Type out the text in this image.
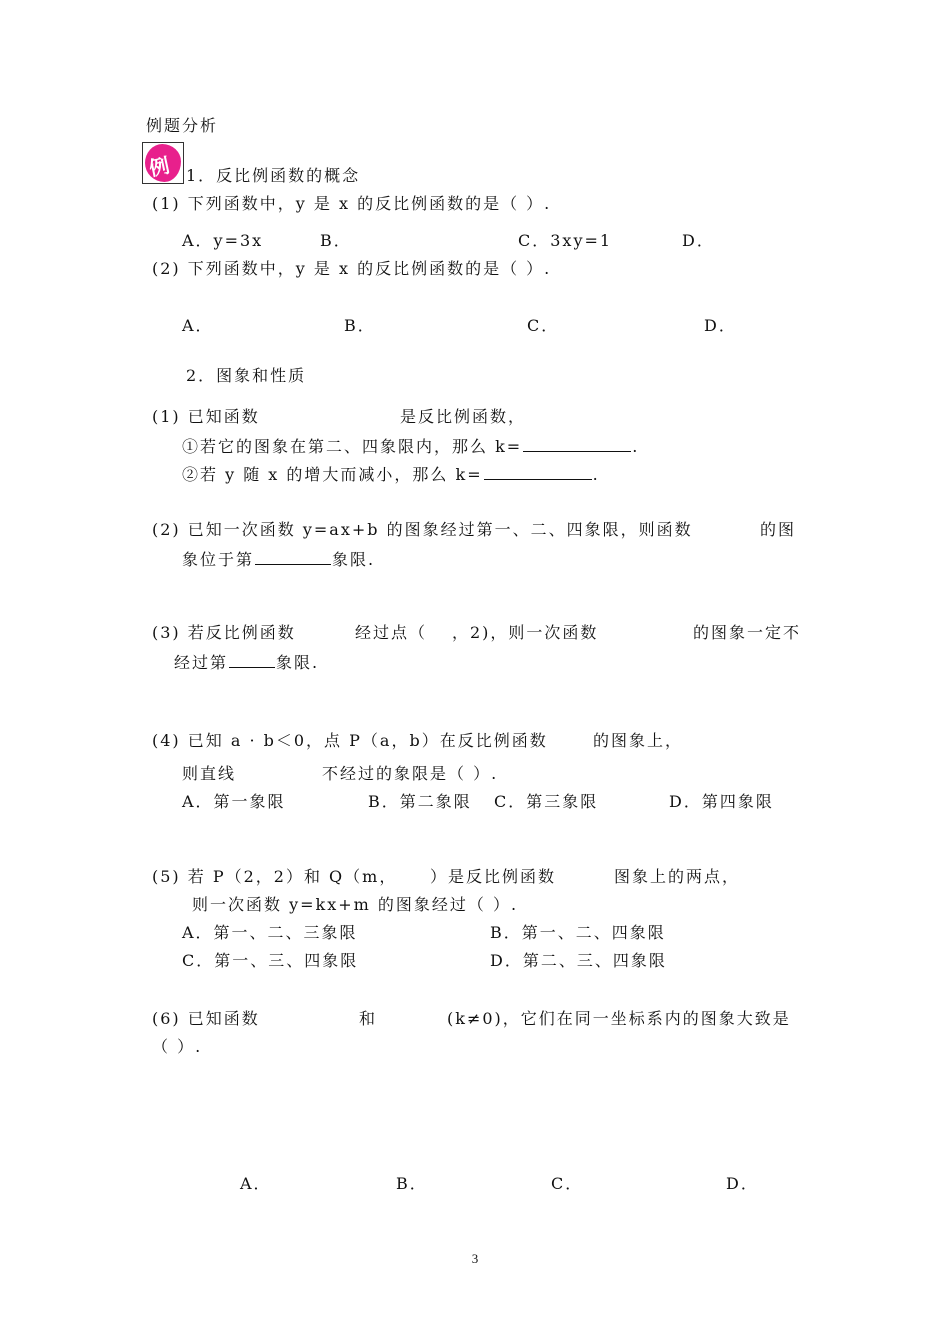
例题分析
例 1．反比例函数的概念
(1) 下列函数中，y 是 x 的反比例函数的是（ ）.
A．y=3x	B．	C．3xy=1	D．
(2) 下列函数中，y 是 x 的反比例函数的是（ ）.
A．	B．	C．	D．
2．图象和性质
(1) 已知函数	是反比例函数，
①若它的图象在第二、四象限内，那么 k=	.
②若 y 随 x 的增大而减小，那么 k=	.
(2) 已知一次函数 y=ax+b 的图象经过第一、二、四象限，则函数	的图
象位于第	象限.
(3) 若反比例函数	经过点（ ，2)，则一次函数	的图象一定不
经过第	象限.
(4) 已知 a · b＜0，点 P（a，b）在反比例函数	的图象上，
则直线	不经过的象限是（ ）.
A．第一象限	B．第二象限 C．第三象限	D．第四象限
(5) 若 P（2，2）和 Q（m， ）是反比例函数	图象上的两点，
则一次函数 y=kx+m 的图象经过（ ）.
A．第一、二、三象限	B．第一、二、四象限
C．第一、三、四象限	D．第二、三、四象限
(6) 已知函数	和	(k≠0)，它们在同一坐标系内的图象大致是
（ ）.
A．	B．	C．	D．
3
